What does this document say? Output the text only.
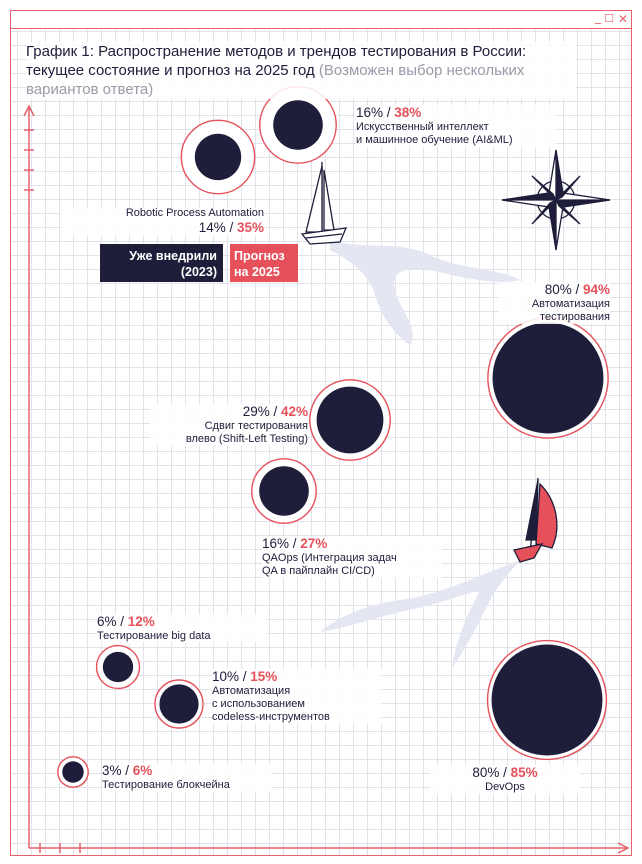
_ ☐ ✕
График 1: Распространение методов и трендов тестирования в России: текущее состояние и прогноз на 2025 год (Возможен выбор нескольких вариантов ответа)
Уже внедрили
(2023)
Прогноз
на 2025
16% / 38%
Искусственный интеллект
и машинное обучение (AI&ML)
Robotic Process Automation
14% / 35%
80% / 94%
Автоматизация
тестирования
29% / 42%
Сдвиг тестирования
влево (Shift-Left Testing)
16% / 27%
QAOps (Интеграция задач
QA в пайплайн CI/CD)
6% / 12%
Тестирование big data
10% / 15%
Автоматизация
с использованием
codeless-инструментов
3% / 6%
Тестирование блокчейна
80% / 85%
DevOps
